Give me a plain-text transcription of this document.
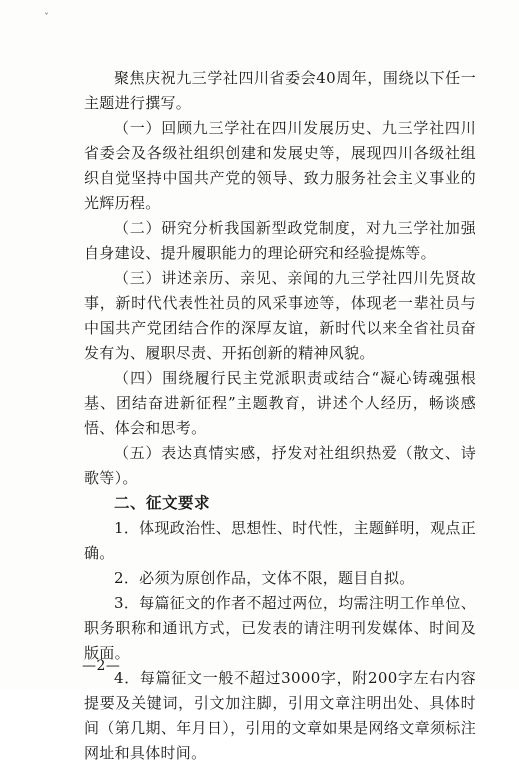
ˇ

聚焦庆祝九三学社四川省委会40周年，围绕以下任一主题进行撰写。

（一）回顾九三学社在四川发展历史、九三学社四川省委会及各级社组织创建和发展史等，展现四川各级社组织自觉坚持中国共产党的领导、致力服务社会主义事业的光辉历程。

（二）研究分析我国新型政党制度，对九三学社加强自身建设、提升履职能力的理论研究和经验提炼等。

（三）讲述亲历、亲见、亲闻的九三学社四川先贤故事，新时代代表性社员的风采事迹等，体现老一辈社员与中国共产党团结合作的深厚友谊，新时代以来全省社员奋发有为、履职尽责、开拓创新的精神风貌。

（四）围绕履行民主党派职责或结合“凝心铸魂强根基、团结奋进新征程”主题教育，讲述个人经历，畅谈感悟、体会和思考。

（五）表达真情实感，抒发对社组织热爱（散文、诗歌等）。

二、征文要求

1．体现政治性、思想性、时代性，主题鲜明，观点正确。

2．必须为原创作品，文体不限，题目自拟。

3．每篇征文的作者不超过两位，均需注明工作单位、职务职称和通讯方式，已发表的请注明刊发媒体、时间及版面。

4．每篇征文一般不超过3000字，附200字左右内容提要及关键词，引文加注脚，引用文章注明出处、具体时间（第几期、年月日），引用的文章如果是网络文章须标注网址和具体时间。

—2—
